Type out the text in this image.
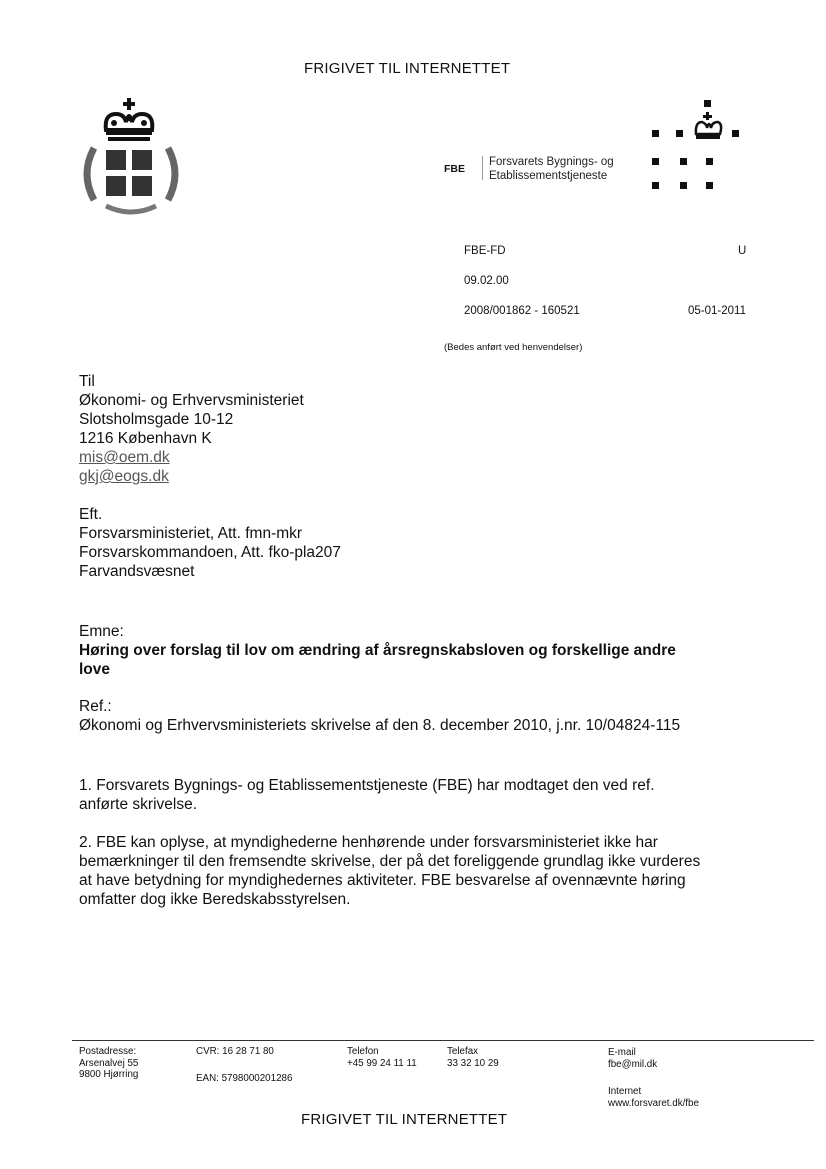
FRIGIVET TIL INTERNETTET
FBE
Forsvarets Bygnings- og
Etablissementstjeneste
FBE-FD	U
09.02.00
2008/001862 - 160521	05-01-2011
(Bedes anført ved henvendelser)
Til
Økonomi- og Erhvervsministeriet
Slotsholmsgade 10-12
1216 København K
mis@oem.dk
gkj@eogs.dk
Eft.
Forsvarsministeriet, Att. fmn-mkr
Forsvarskommandoen, Att. fko-pla207
Farvandsvæsnet
Emne:
Høring over forslag til lov om ændring af årsregnskabsloven og forskellige andre
love
Ref.:
Økonomi og Erhvervsministeriets skrivelse af den 8. december 2010, j.nr. 10/04824-115
1. Forsvarets Bygnings- og Etablissementstjeneste (FBE) har modtaget den ved ref.
anførte skrivelse.
2. FBE kan oplyse, at myndighederne henhørende under forsvarsministeriet ikke har
bemærkninger til den fremsendte skrivelse, der på det foreliggende grundlag ikke vurderes
at have betydning for myndighedernes aktiviteter. FBE besvarelse af ovennævnte høring
omfatter dog ikke Beredskabsstyrelsen.
Postadresse:
Arsenalvej 55
9800 Hjørring
CVR: 16 28 71 80
EAN: 5798000201286
Telefon
+45 99 24 11 11
Telefax
33 32 10 29
E-mail
fbe@mil.dk
Internet
www.forsvaret.dk/fbe
FRIGIVET TIL INTERNETTET
